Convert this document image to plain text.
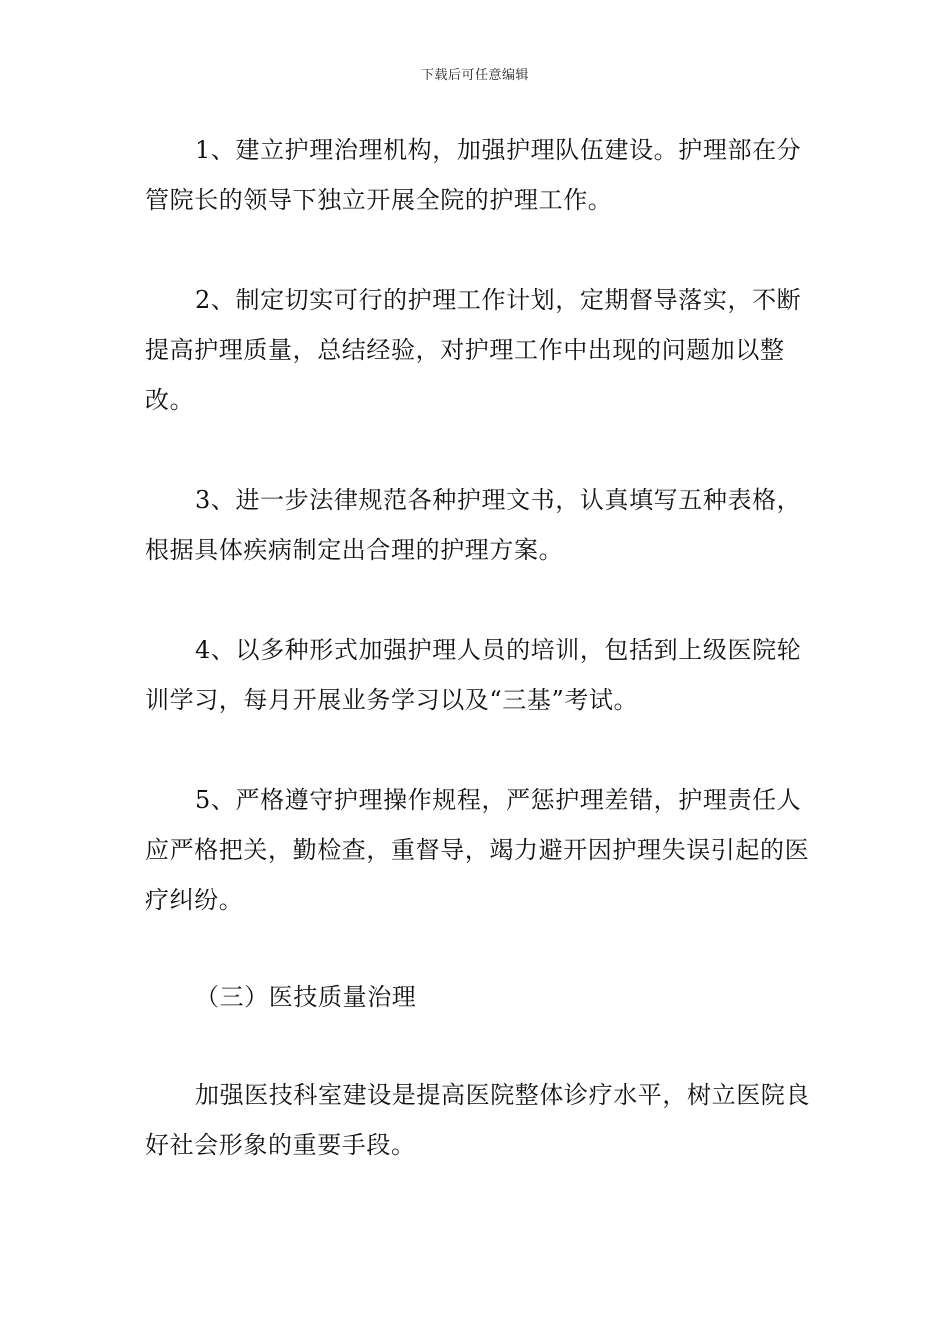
下载后可任意编辑

1、建立护理治理机构，加强护理队伍建设。护理部在分管院长的领导下独立开展全院的护理工作。

2、制定切实可行的护理工作计划，定期督导落实，不断提高护理质量，总结经验，对护理工作中出现的问题加以整改。

3、进一步法律规范各种护理文书，认真填写五种表格，根据具体疾病制定出合理的护理方案。

4、以多种形式加强护理人员的培训，包括到上级医院轮训学习，每月开展业务学习以及“三基”考试。

5、严格遵守护理操作规程，严惩护理差错，护理责任人应严格把关，勤检查，重督导，竭力避开因护理失误引起的医疗纠纷。

（三）医技质量治理

加强医技科室建设是提高医院整体诊疗水平，树立医院良好社会形象的重要手段。
